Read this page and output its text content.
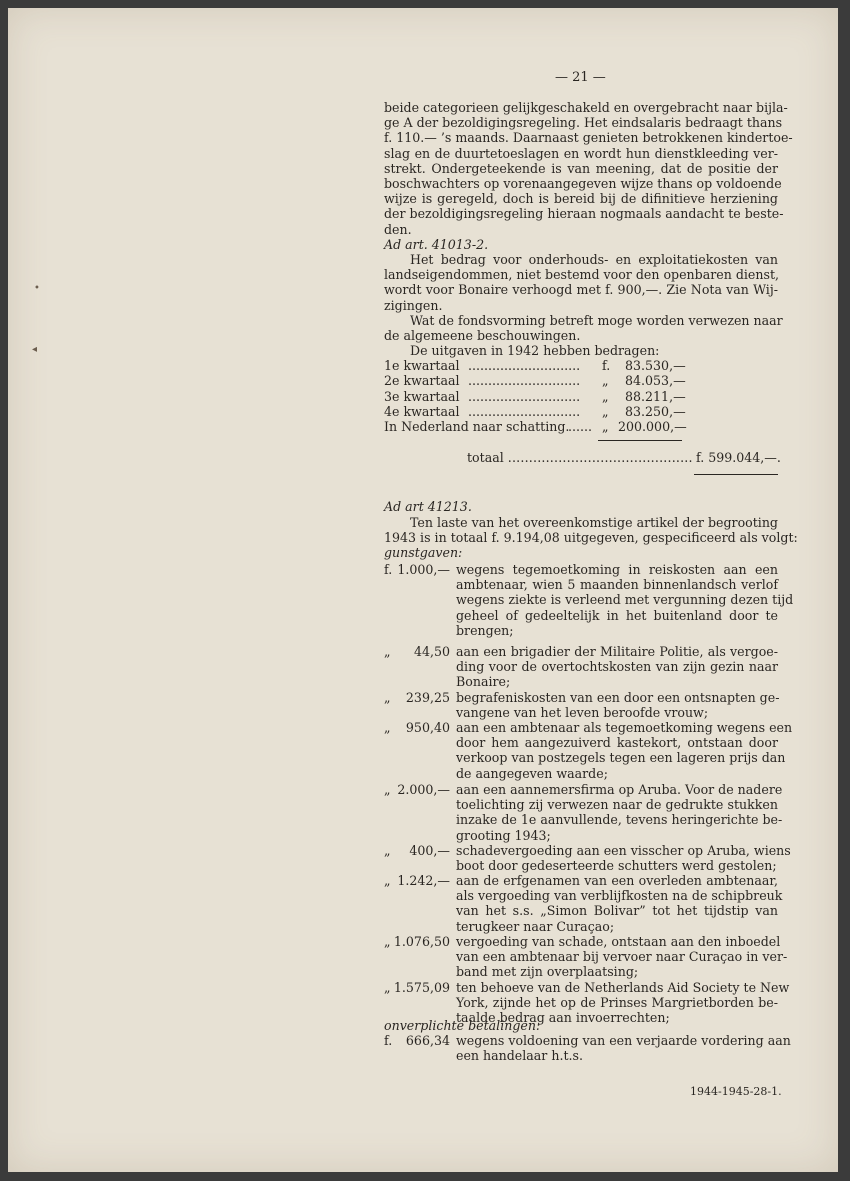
•
◂
— 21 —
beide categorieen gelijkgeschakeld en overgebracht naar bijla-
ge A der bezoldigingsregeling. Het eindsalaris bedraagt thans
f. 110.— ’s maands. Daarnaast genieten betrokkenen kindertoe-
slag en de duurtetoeslagen en wordt hun dienstkleeding ver-
strekt. Ondergeteekende is van meening, dat de positie der
boschwachters op vorenaangegeven wijze thans op voldoende
wijze is geregeld, doch is bereid bij de difinitieve herziening
der bezoldigingsregeling hieraan nogmaals aandacht te beste-
den.
Ad art. 41013-2.
Het bedrag voor onderhouds- en exploitatiekosten van
landseigendommen, niet bestemd voor den openbaren dienst,
wordt voor Bonaire verhoogd met f. 900,—. Zie Nota van Wij-
zigingen.
Wat de fondsvorming betreft moge worden verwezen naar
de algemeene beschouwingen.
De uitgaven in 1942 hebben bedragen:
1e kwartaal ............................ f. 83.530,—
2e kwartaal ............................ „ 84.053,—
3e kwartaal ............................ „ 88.211,—
4e kwartaal ............................ „ 83.250,—
In Nederland naar schatting.
...... „ 200.000,—
totaal ............................................ f. 599.044,—.
Ad art 41213.
Ten laste van het overeenkomstige artikel der begrooting
1943 is in totaal f. 9.194,08 uitgegeven, gespecificeerd als volgt:
gunstgaven:
f. 1.000,— wegens tegemoetkoming in reiskosten aan een
ambtenaar, wien 5 maanden binnenlandsch verlof
wegens ziekte is verleend met vergunning dezen tijd
geheel of gedeeltelijk in het buitenland door te
brengen;
„ 44,50 aan een brigadier der Militaire Politie, als vergoe-
ding voor de overtochtskosten van zijn gezin naar
Bonaire;
„ 239,25 begrafeniskosten van een door een ontsnapten ge-
vangene van het leven beroofde vrouw;
„ 950,40 aan een ambtenaar als tegemoetkoming wegens een
door hem aangezuiverd kastekort, ontstaan door
verkoop van postzegels tegen een lageren prijs dan
de aangegeven waarde;
„ 2.000,— aan een aannemersfirma op Aruba. Voor de nadere
toelichting zij verwezen naar de gedrukte stukken
inzake de 1e aanvullende, tevens heringerichte be-
grooting 1943;
„ 400,— schadevergoeding aan een visscher op Aruba, wiens
boot door gedeserteerde schutters werd gestolen;
„ 1.242,— aan de erfgenamen van een overleden ambtenaar,
als vergoeding van verblijfkosten na de schipbreuk
van het s.s. „Simon Bolivar” tot het tijdstip van
terugkeer naar Curaçao;
„ 1.076,50 vergoeding van schade, ontstaan aan den inboedel
van een ambtenaar bij vervoer naar Curaçao in ver-
band met zijn overplaatsing;
„ 1.575,09 ten behoeve van de Netherlands Aid Society te New
York, zijnde het op de Prinses Margrietborden be-
taalde bedrag aan invoerrechten;
onverplichte betalingen:
f. 666,34 wegens voldoening van een verjaarde vordering aan
een handelaar h.t.s.
1944-1945-28-1.
